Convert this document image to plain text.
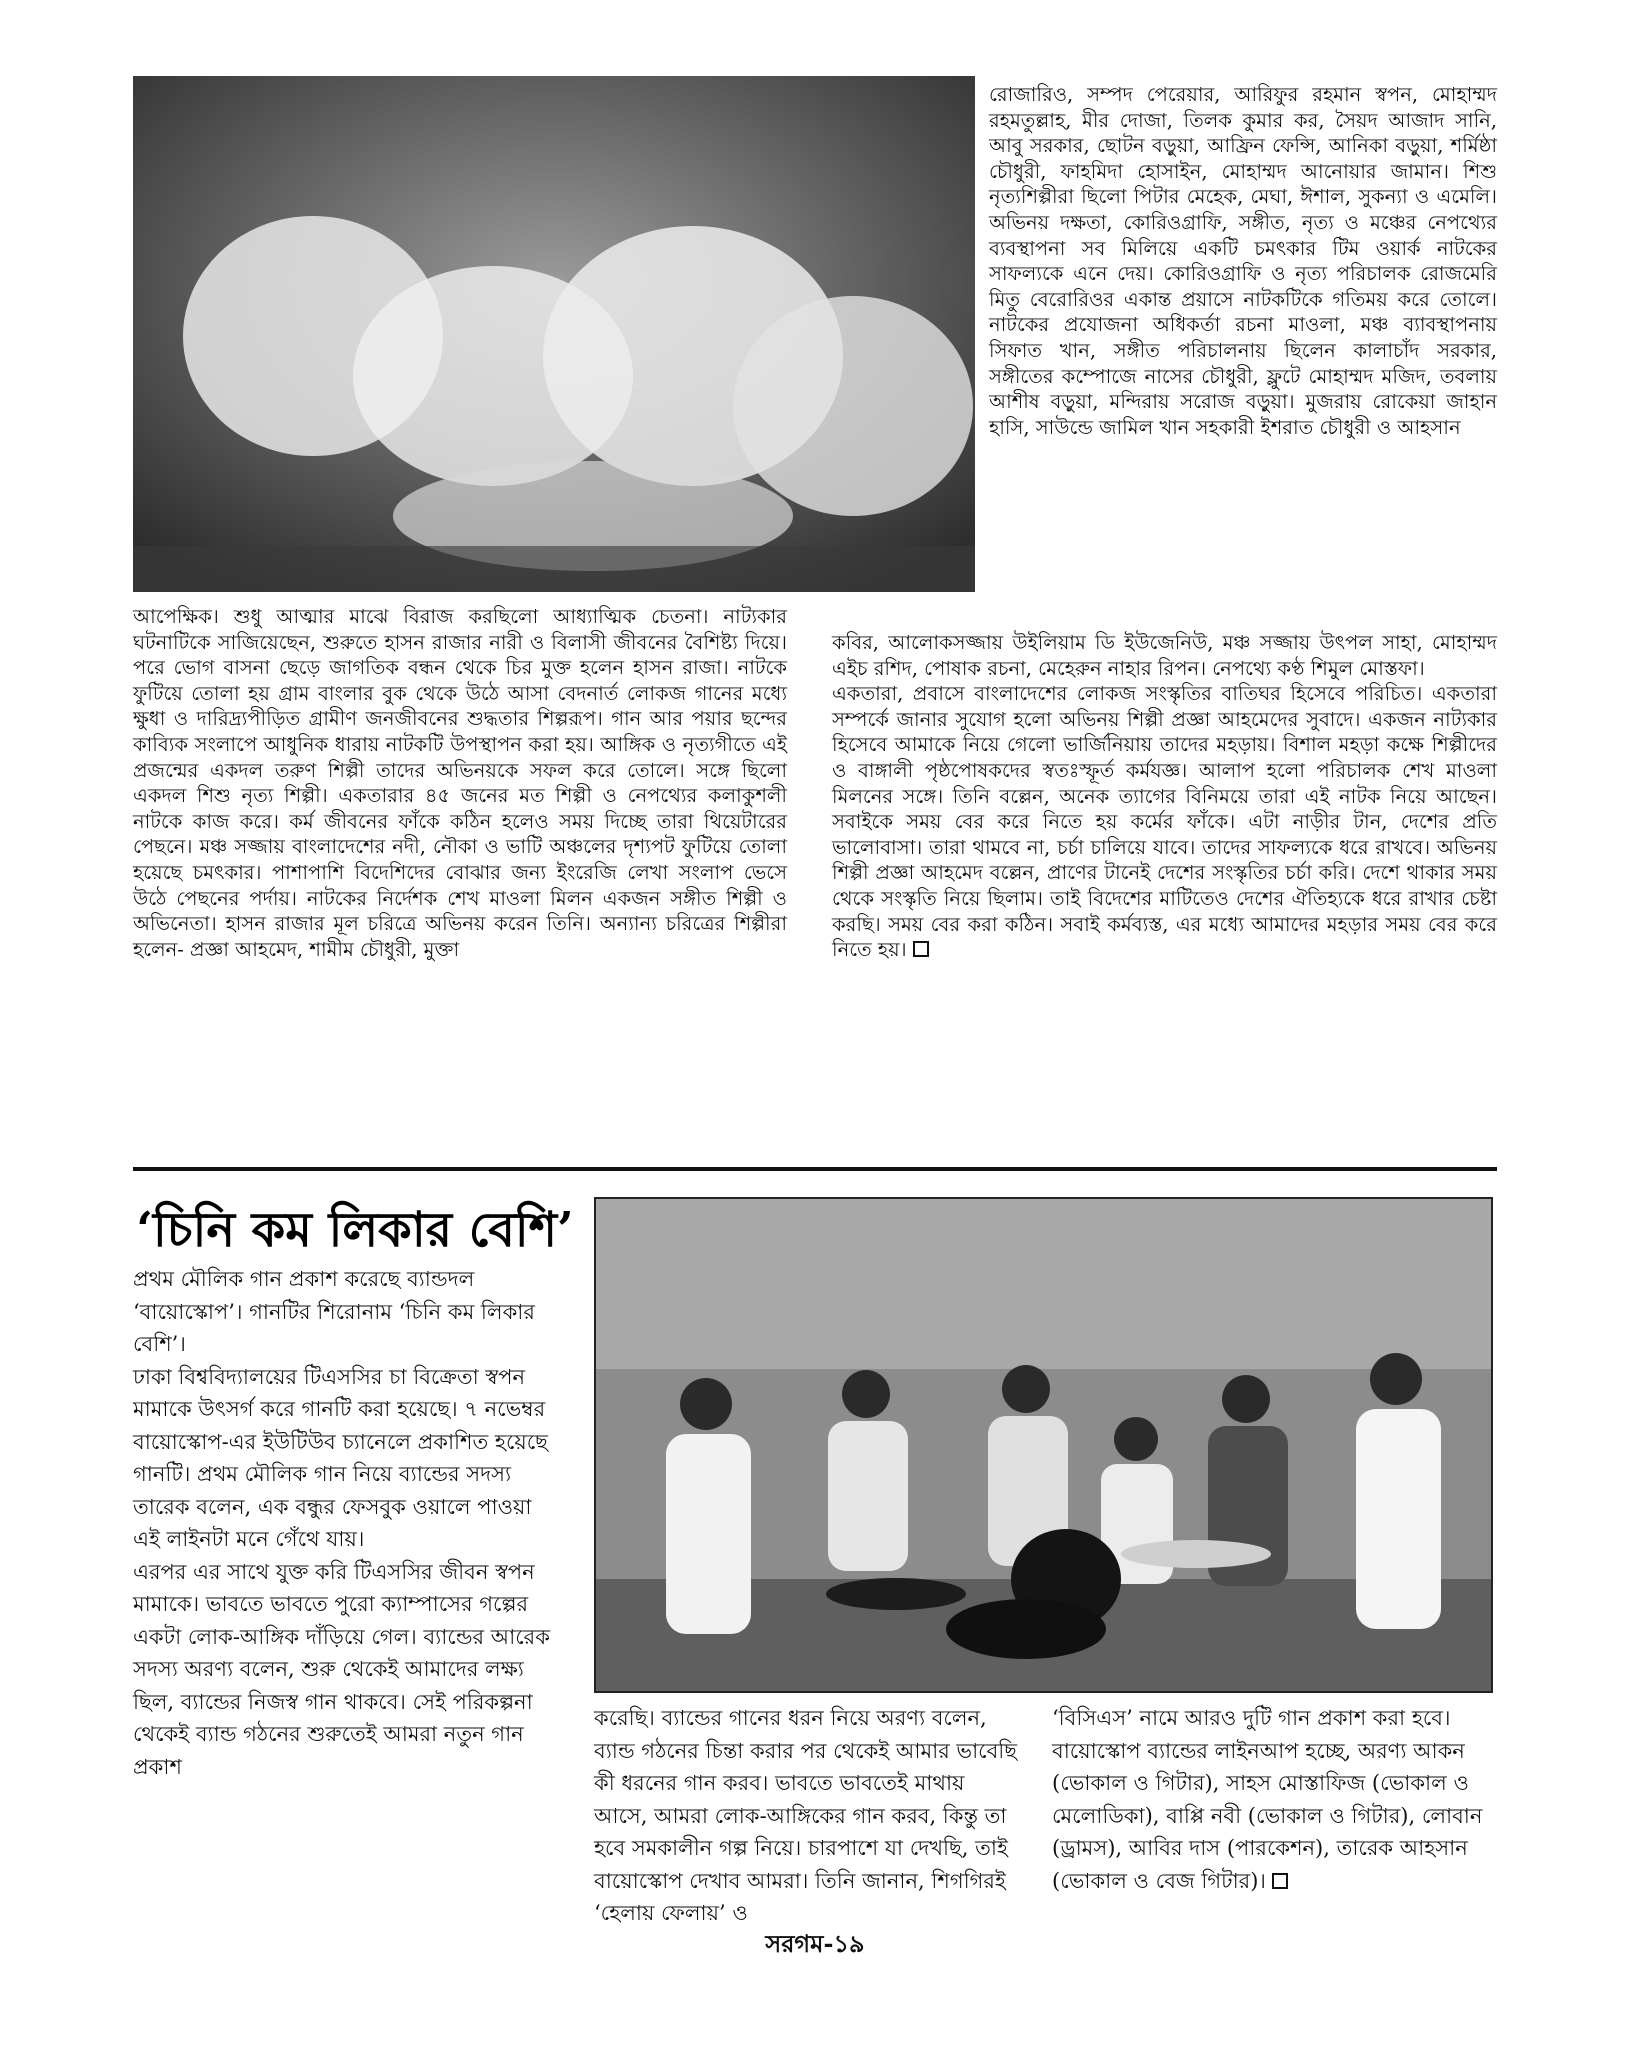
রোজারিও, সম্পদ পেরেয়ার, আরিফুর রহমান স্বপন, মোহাম্মদ রহমতুল্লাহ, মীর দোজা, তিলক কুমার কর, সৈয়দ আজাদ সানি, আবু সরকার, ছোটন বড়ুয়া, আফ্রিন ফেন্সি, আনিকা বড়ুয়া, শর্মিষ্ঠা চৌধুরী, ফাহমিদা হোসাইন, মোহাম্মদ আনোয়ার জামান। শিশু নৃত্যশিল্পীরা ছিলো পিটার মেহেক, মেঘা, ঈশাল, সুকন্যা ও এমেলি। অভিনয় দক্ষতা, কোরিওগ্রাফি, সঙ্গীত, নৃত্য ও মঞ্চের নেপথ্যের ব্যবস্থাপনা সব মিলিয়ে একটি চমৎকার টিম ওয়ার্ক নাটকের সাফল্যকে এনে দেয়। কোরিওগ্রাফি ও নৃত্য পরিচালক রোজমেরি মিতু বেরোরিওর একান্ত প্রয়াসে নাটকটিকে গতিময় করে তোলে। নাটকের প্রযোজনা অধিকর্তা রচনা মাওলা, মঞ্চ ব্যাবস্থাপনায় সিফাত খান, সঙ্গীত পরিচালনায় ছিলেন কালাচাঁদ সরকার, সঙ্গীতের কম্পোজে নাসের চৌধুরী, ফ্লুটে মোহাম্মদ মজিদ, তবলায় আশীষ বড়ুয়া, মন্দিরায় সরোজ বড়ুয়া। মুজরায় রোকেয়া জাহান হাসি, সাউন্ডে জামিল খান সহকারী ইশরাত চৌধুরী ও আহসান

আপেক্ষিক। শুধু আত্মার মাঝে বিরাজ করছিলো আধ্যাত্মিক চেতনা। নাট্যকার ঘটনাটিকে সাজিয়েছেন, শুরুতে হাসন রাজার নারী ও বিলাসী জীবনের বৈশিষ্ট্য দিয়ে। পরে ভোগ বাসনা ছেড়ে জাগতিক বন্ধন থেকে চির মুক্ত হলেন হাসন রাজা। নাটকে ফুটিয়ে তোলা হয় গ্রাম বাংলার বুক থেকে উঠে আসা বেদনার্ত লোকজ গানের মধ্যে ক্ষুধা ও দারিদ্র্যপীড়িত গ্রামীণ জনজীবনের শুদ্ধতার শিল্পরূপ। গান আর পয়ার ছন্দের কাব্যিক সংলাপে আধুনিক ধারায় নাটকটি উপস্থাপন করা হয়। আঙ্গিক ও নৃত্যগীতে এই প্রজন্মের একদল তরুণ শিল্পী তাদের অভিনয়কে সফল করে তোলে। সঙ্গে ছিলো একদল শিশু নৃত্য শিল্পী। একতারার ৪৫ জনের মত শিল্পী ও নেপথ্যের কলাকুশলী নাটকে কাজ করে। কর্ম জীবনের ফাঁকে কঠিন হলেও সময় দিচ্ছে তারা থিয়েটারের পেছনে। মঞ্চ সজ্জায় বাংলাদেশের নদী, নৌকা ও ভাটি অঞ্চলের দৃশ্যপট ফুটিয়ে তোলা হয়েছে চমৎকার। পাশাপাশি বিদেশিদের বোঝার জন্য ইংরেজি লেখা সংলাপ ভেসে উঠে পেছনের পর্দায়। নাটকের নির্দেশক শেখ মাওলা মিলন একজন সঙ্গীত শিল্পী ও অভিনেতা। হাসন রাজার মূল চরিত্রে অভিনয় করেন তিনি। অন্যান্য চরিত্রের শিল্পীরা হলেন- প্রজ্ঞা আহমেদ, শামীম চৌধুরী, মুক্তা

কবির, আলোকসজ্জায় উইলিয়াম ডি ইউজেনিউ, মঞ্চ সজ্জায় উৎপল সাহা, মোহাম্মদ এইচ রশিদ, পোষাক রচনা, মেহেরুন নাহার রিপন। নেপথ্যে কণ্ঠ শিমুল মোস্তফা।

একতারা, প্রবাসে বাংলাদেশের লোকজ সংস্কৃতির বাতিঘর হিসেবে পরিচিত। একতারা সম্পর্কে জানার সুযোগ হলো অভিনয় শিল্পী প্রজ্ঞা আহমেদের সুবাদে। একজন নাট্যকার হিসেবে আমাকে নিয়ে গেলো ভার্জিনিয়ায় তাদের মহড়ায়। বিশাল মহড়া কক্ষে শিল্পীদের ও বাঙ্গালী পৃষ্ঠপোষকদের স্বতঃস্ফূর্ত কর্মযজ্ঞ। আলাপ হলো পরিচালক শেখ মাওলা মিলনের সঙ্গে। তিনি বল্লেন, অনেক ত্যাগের বিনিময়ে তারা এই নাটক নিয়ে আছেন। সবাইকে সময় বের করে নিতে হয় কর্মের ফাঁকে। এটা নাড়ীর টান, দেশের প্রতি ভালোবাসা। তারা থামবে না, চর্চা চালিয়ে যাবে। তাদের সাফল্যকে ধরে রাখবে। অভিনয় শিল্পী প্রজ্ঞা আহমেদ বল্লেন, প্রাণের টানেই দেশের সংস্কৃতির চর্চা করি। দেশে থাকার সময় থেকে সংস্কৃতি নিয়ে ছিলাম। তাই বিদেশের মাটিতেও দেশের ঐতিহ্যকে ধরে রাখার চেষ্টা করছি। সময় বের করা কঠিন। সবাই কর্মব্যস্ত, এর মধ্যে আমাদের মহড়ার সময় বের করে নিতে হয়।

‘চিনি কম লিকার বেশি’

প্রথম মৌলিক গান প্রকাশ করেছে ব্যান্ডদল ‘বায়োস্কোপ’। গানটির শিরোনাম ‘চিনি কম লিকার বেশি’।

ঢাকা বিশ্ববিদ্যালয়ের টিএসসির চা বিক্রেতা স্বপন মামাকে উৎসর্গ করে গানটি করা হয়েছে। ৭ নভেম্বর বায়োস্কোপ-এর ইউটিউব চ্যানেলে প্রকাশিত হয়েছে গানটি। প্রথম মৌলিক গান নিয়ে ব্যান্ডের সদস্য তারেক বলেন, এক বন্ধুর ফেসবুক ওয়ালে পাওয়া এই লাইনটা মনে গেঁথে যায়।

এরপর এর সাথে যুক্ত করি টিএসসির জীবন স্বপন মামাকে। ভাবতে ভাবতে পুরো ক্যাম্পাসের গল্পের একটা লোক-আঙ্গিক দাঁড়িয়ে গেল। ব্যান্ডের আরেক সদস্য অরণ্য বলেন, শুরু থেকেই আমাদের লক্ষ্য ছিল, ব্যান্ডের নিজস্ব গান থাকবে। সেই পরিকল্পনা থেকেই ব্যান্ড গঠনের শুরুতেই আমরা নতুন গান প্রকাশ

করেছি। ব্যান্ডের গানের ধরন নিয়ে অরণ্য বলেন, ব্যান্ড গঠনের চিন্তা করার পর থেকেই আমার ভাবেছি কী ধরনের গান করব। ভাবতে ভাবতেই মাথায় আসে, আমরা লোক-আঙ্গিকের গান করব, কিন্তু তা হবে সমকালীন গল্প নিয়ে। চারপাশে যা দেখছি, তাই বায়োস্কোপ দেখাব আমরা। তিনি জানান, শিগগিরই ‘হেলায় ফেলায়’ ও

‘বিসিএস’ নামে আরও দুটি গান প্রকাশ করা হবে। বায়োস্কোপ ব্যান্ডের লাইনআপ হচ্ছে, অরণ্য আকন (ভোকাল ও গিটার), সাহস মোস্তাফিজ (ভোকাল ও মেলোডিকা), বাপ্পি নবী (ভোকাল ও গিটার), লোবান (ড্রামস), আবির দাস (পারকেশন), তারেক আহসান (ভোকাল ও বেজ গিটার)।

সরগম-১৯
